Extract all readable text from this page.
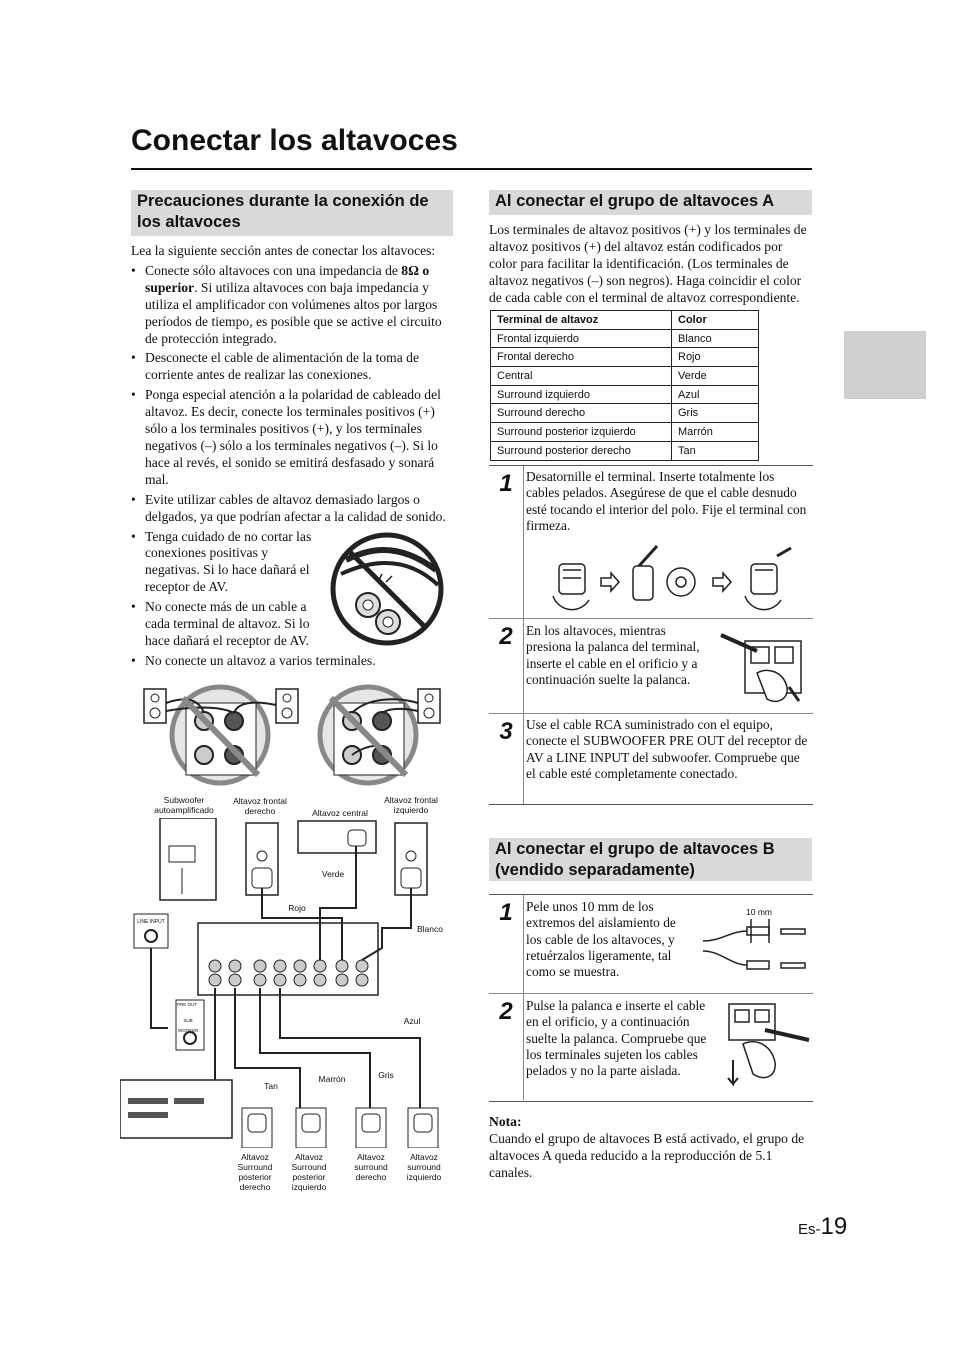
Conectar los altavoces
Precauciones durante la conexión de los altavoces
Lea la siguiente sección antes de conectar los altavoces:
• Conecte sólo altavoces con una impedancia de 8Ω o superior. Si utiliza altavoces con baja impedancia y utiliza el amplificador con volúmenes altos por largos períodos de tiempo, es posible que se active el circuito de protección integrado.
• Desconecte el cable de alimentación de la toma de corriente antes de realizar las conexiones.
• Ponga especial atención a la polaridad de cableado del altavoz. Es decir, conecte los terminales positivos (+) sólo a los terminales positivos (+), y los terminales negativos (–) sólo a los terminales negativos (–). Si lo hace al revés, el sonido se emitirá desfasado y sonará mal.
• Evite utilizar cables de altavoz demasiado largos o delgados, ya que podrían afectar a la calidad de sonido.
• Tenga cuidado de no cortar las conexiones positivas y negativas. Si lo hace dañará el receptor de AV.
• No conecte más de un cable a cada terminal de altavoz. Si lo hace dañará el receptor de AV.
• No conecte un altavoz a varios terminales.
Subwoofer autoamplificado
Altavoz frontal derecho	Altavoz central
Altavoz frontal izquierdo
Verde
Rojo
Blanco
LINE INPUT
PRE OUT
SUB WOOFER
Azul
Gris
Marrón
Tan
Altavoz Surround posterior derecho
Altavoz Surround posterior izquierdo
Altavoz surround derecho
Altavoz surround izquierdo
Al conectar el grupo de altavoces A
Los terminales de altavoz positivos (+) y los terminales de altavoz positivos (+) del altavoz están codificados por color para facilitar la identificación. (Los terminales de altavoz negativos (–) son negros). Haga coincidir el color de cada cable con el terminal de altavoz correspondiente.
Terminal de altavoz	Color
Frontal izquierdo	Blanco
Frontal derecho	Rojo
Central	Verde
Surround izquierdo	Azul
Surround derecho	Gris
Surround posterior izquierdo	Marrón
Surround posterior derecho	Tan
1 Desatornille el terminal. Inserte totalmente los cables pelados. Asegúrese de que el cable desnudo esté tocando el interior del polo. Fije el terminal con firmeza.
2 En los altavoces, mientras presiona la palanca del terminal, inserte el cable en el orificio y a continuación suelte la palanca.
3 Use el cable RCA suministrado con el equipo, conecte el SUBWOOFER PRE OUT del receptor de AV a LINE INPUT del subwoofer. Compruebe que el cable esté completamente conectado.
Al conectar el grupo de altavoces B (vendido separadamente)
1 Pele unos 10 mm de los extremos del aislamiento de los cable de los altavoces, y retuérzalos ligeramente, tal como se muestra.
10 mm
2 Pulse la palanca e inserte el cable en el orificio, y a continuación suelte la palanca. Compruebe que los terminales sujeten los cables pelados y no la parte aislada.
Nota:
Cuando el grupo de altavoces B está activado, el grupo de altavoces A queda reducido a la reproducción de 5.1 canales.
Es-19
